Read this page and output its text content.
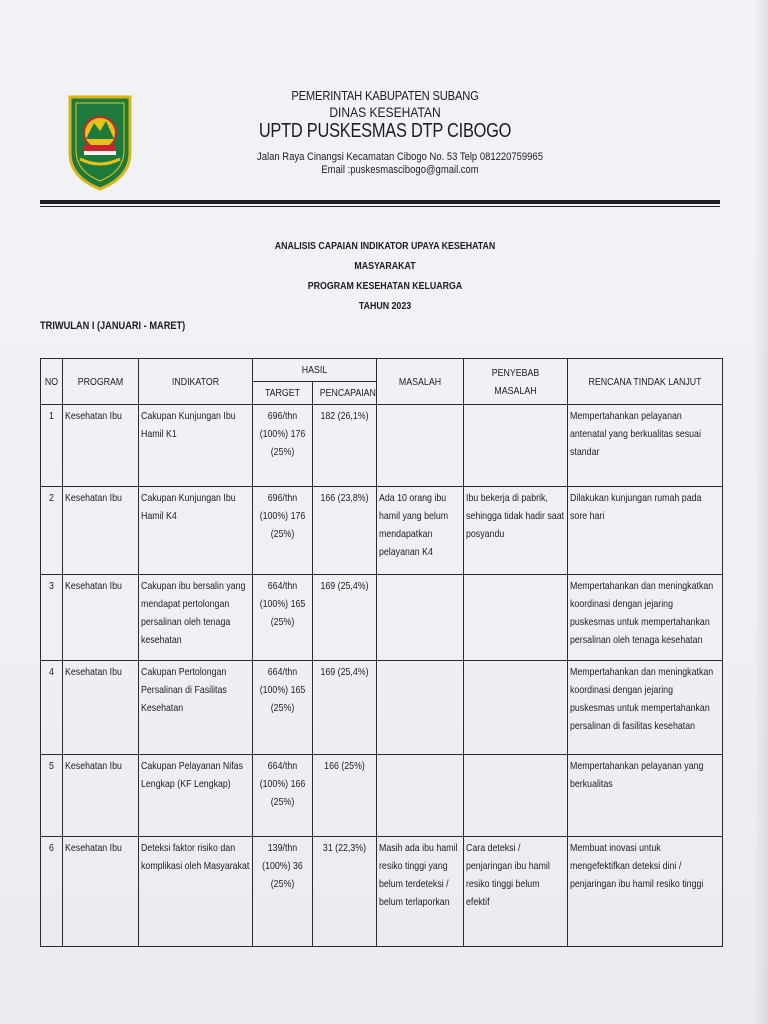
PEMERINTAH KABUPATEN SUBANG
DINAS KESEHATAN
UPTD PUSKESMAS DTP CIBOGO
Jalan Raya Cinangsi Kecamatan Cibogo No. 53 Telp 081220759965
Email :puskesmascibogo@gmail.com
ANALISIS CAPAIAN INDIKATOR UPAYA KESEHATAN MASYARAKAT
PROGRAM KESEHATAN KELUARGA
TAHUN 2023
TRIWULAN I (JANUARI - MARET)
NO	PROGRAM	INDIKATOR	HASIL		MASALAH	PENYEBAB MASALAH	RENCANA TINDAK LANJUT

			TARGET	PENCAPAIAN			

1	Kesehatan Ibu	Cakupan Kunjungan Ibu Hamil K1	696/thn (100%) 176 (25%)	182 (26,1%)			Mempertahankan pelayanan antenatal yang berkualitas sesuai standar

2	Kesehatan Ibu	Cakupan Kunjungan Ibu Hamil K4	696/thn (100%) 176 (25%)	166 (23,8%)	Ada 10 orang ibu hamil yang belum mendapatkan pelayanan K4	Ibu bekerja di pabrik, sehingga tidak hadir saat posyandu	Dilakukan kunjungan rumah pada sore hari

3	Kesehatan Ibu	Cakupan ibu bersalin yang mendapat pertolongan persalinan oleh tenaga kesehatan	664/thn (100%) 165 (25%)	169 (25,4%)			Mempertahankan dan meningkatkan koordinasi dengan jejaring puskesmas untuk mempertahankan persalinan oleh tenaga kesehatan

4	Kesehatan Ibu	Cakupan Pertolongan Persalinan di Fasilitas Kesehatan	664/thn (100%) 165 (25%)	169 (25,4%)			Mempertahankan dan meningkatkan koordinasi dengan jejaring puskesmas untuk mempertahankan persalinan di fasilitas kesehatan

5	Kesehatan Ibu	Cakupan Pelayanan Nifas Lengkap (KF Lengkap)	664/thn (100%) 166 (25%)	166 (25%)			Mempertahankan pelayanan yang berkualitas

6	Kesehatan Ibu	Deteksi faktor risiko dan komplikasi oleh Masyarakat	139/thn (100%) 36 (25%)	31 (22,3%)	Masih ada ibu hamil resiko tinggi yang belum terdeteksi / belum terlaporkan	Cara deteksi / penjaringan ibu hamil resiko tinggi belum efektif	Membuat inovasi untuk mengefektifkan deteksi dini / penjaringan ibu hamil resiko tinggi
